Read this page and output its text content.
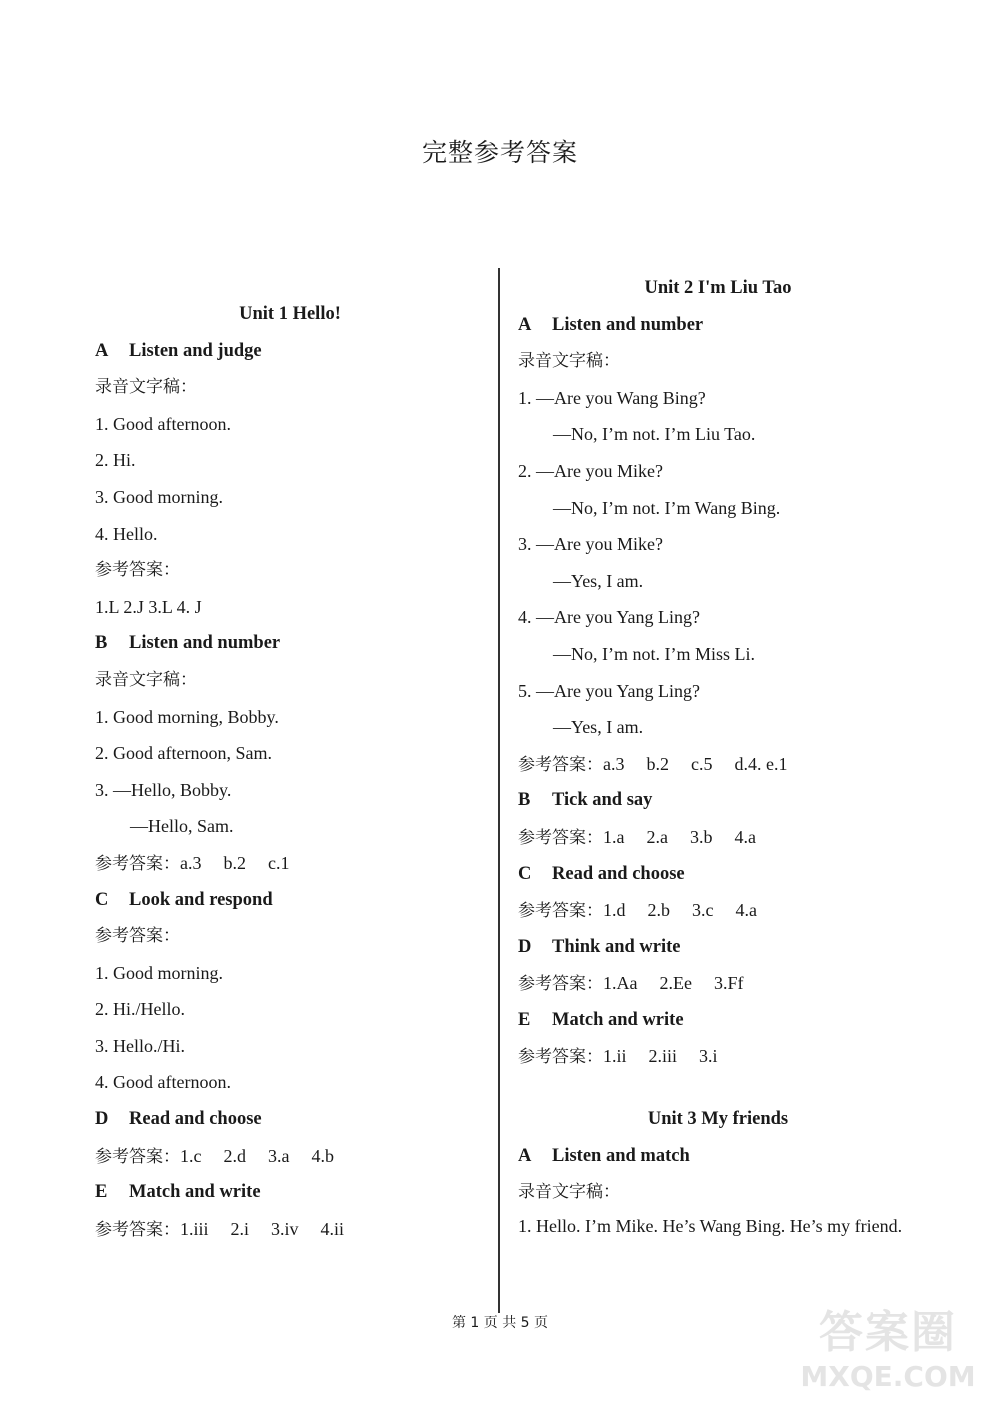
完整参考答案
Unit 1 Hello!
A Listen and judge
录音文字稿：
1. Good afternoon.
2. Hi.
3. Good morning.
4. Hello.
参考答案：
1.L 2.J 3.L 4. J
B Listen and number
录音文字稿：
1. Good morning, Bobby.
2. Good afternoon, Sam.
3. —Hello, Bobby.
—Hello, Sam.
参考答案：a.3 b.2 c.1
C Look and respond
参考答案：
1. Good morning.
2. Hi./Hello.
3. Hello./Hi.
4. Good afternoon.
D Read and choose
参考答案：1.c 2.d 3.a 4.b
E Match and write
参考答案：1.iii 2.i 3.iv 4.ii
Unit 2 I'm Liu Tao
A Listen and number
录音文字稿：
1. —Are you Wang Bing?
—No, I’m not. I’m Liu Tao.
2. —Are you Mike?
—No, I’m not. I’m Wang Bing.
3. —Are you Mike?
—Yes, I am.
4. —Are you Yang Ling?
—No, I’m not. I’m Miss Li.
5. —Are you Yang Ling?
—Yes, I am.
参考答案：a.3 b.2 c.5 d.4. e.1
B Tick and say
参考答案：1.a 2.a 3.b 4.a
C Read and choose
参考答案：1.d 2.b 3.c 4.a
D Think and write
参考答案：1.Aa 2.Ee 3.Ff
E Match and write
参考答案：1.ii 2.iii 3.i
Unit 3 My friends
A Listen and match
录音文字稿：
1. Hello. I’m Mike. He’s Wang Bing. He’s my friend.
第 1 页 共 5 页	答案圈
MXQE.COM
